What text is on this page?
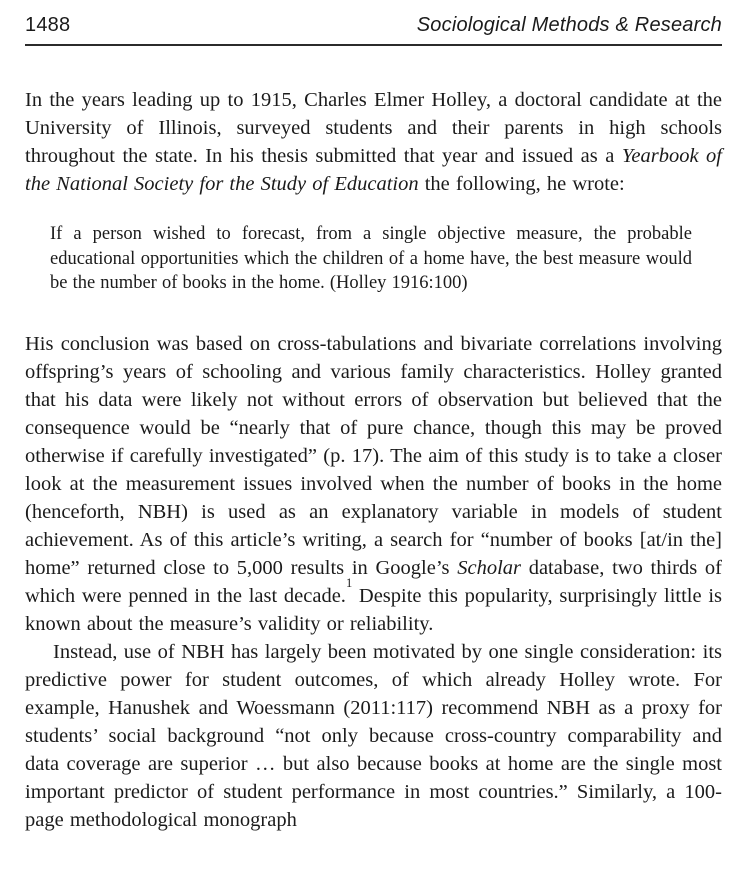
1488	Sociological Methods & Research

In the years leading up to 1915, Charles Elmer Holley, a doctoral candidate at the University of Illinois, surveyed students and their parents in high schools throughout the state. In his thesis submitted that year and issued as a Yearbook of the National Society for the Study of Education the following, he wrote:

If a person wished to forecast, from a single objective measure, the probable educational opportunities which the children of a home have, the best measure would be the number of books in the home. (Holley 1916:100)

His conclusion was based on cross-tabulations and bivariate correlations involving offspring’s years of schooling and various family characteristics. Holley granted that his data were likely not without errors of observation but believed that the consequence would be “nearly that of pure chance, though this may be proved otherwise if carefully investigated” (p. 17). The aim of this study is to take a closer look at the measurement issues involved when the number of books in the home (henceforth, NBH) is used as an explanatory variable in models of student achievement. As of this article’s writing, a search for “number of books [at/in the] home” returned close to 5,000 results in Google’s Scholar database, two thirds of which were penned in the last decade.$^1$ Despite this popularity, surprisingly little is known about the measure’s validity or reliability.

Instead, use of NBH has largely been motivated by one single consideration: its predictive power for student outcomes, of which already Holley wrote. For example, Hanushek and Woessmann (2011:117) recommend NBH as a proxy for students’ social background “not only because cross-country comparability and data coverage are superior … but also because books at home are the single most important predictor of student performance in most countries.” Similarly, a 100-page methodological monograph
